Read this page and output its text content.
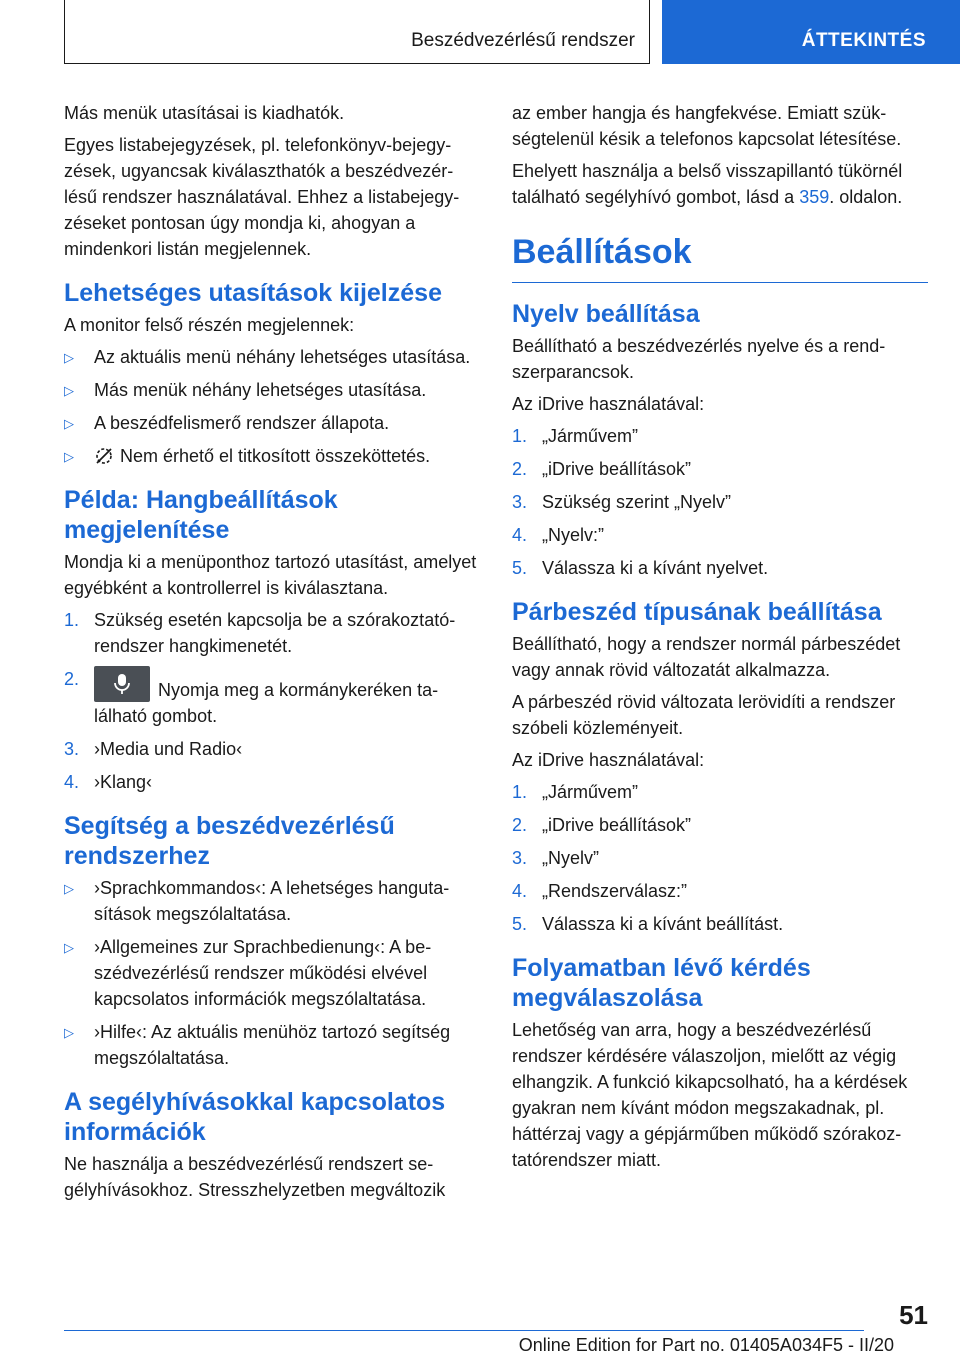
Beszédvezérlésű rendszer	ÁTTEKINTÉS

Más menük utasításai is kiadhatók.

Egyes listabejegyzések, pl. telefonkönyv-bejegyzések, ugyancsak kiválaszthatók a beszédvezérlésű rendszer használatával. Ehhez a listabejegyzéseket pontosan úgy mondja ki, ahogyan a mindenkori listán megjelennek.

Lehetséges utasítások kijelzése

A monitor felső részén megjelennek:

▷ Az aktuális menü néhány lehetséges utasítása.
▷ Más menük néhány lehetséges utasítása.
▷ A beszédfelismerő rendszer állapota.
▷	Nem érhető el titkosított összeköttetés.
Példa: Hangbeállítások megjelenítése

Mondja ki a menüponthoz tartozó utasítást, amelyet egyébként a kontrollerrel is kiválasztana.

1. Szükség esetén kapcsolja be a szórakoztatórendszer hangkimenetét.
2.
Nyomja meg a kormánykeréken található gombot.
3. ›Media und Radio‹
4. ›Klang‹
Segítség a beszédvezérlésű rendszerhez
▷ ›Sprachkommandos‹: A lehetséges hangutasítások megszólaltatása.
▷ ›Allgemeines zur Sprachbedienung‹: A beszédvezérlésű rendszer működési elvével kapcsolatos információk megszólaltatása.
▷ ›Hilfe‹: Az aktuális menühöz tartozó segítség megszólaltatása.
A segélyhívásokkal kapcsolatos információk

Ne használja a beszédvezérlésű rendszert segélyhívásokhoz. Stresszhelyzetben megváltozik

az ember hangja és hangfekvése. Emiatt szükségtelenül késik a telefonos kapcsolat létesítése.

Ehelyett használja a belső visszapillantó tükörnél található segélyhívó gombot, lásd a 359. oldalon.

Beállítások
Nyelv beállítása

Beállítható a beszédvezérlés nyelve és a rendszerparancsok.

Az iDrive használatával:

1. „Járművem”
2. „iDrive beállítások”
3. Szükség szerint „Nyelv”
4. „Nyelv:”
5. Válassza ki a kívánt nyelvet.
Párbeszéd típusának beállítása

Beállítható, hogy a rendszer normál párbeszédet vagy annak rövid változatát alkalmazza.

A párbeszéd rövid változata lerövidíti a rendszer szóbeli közleményeit.

Az iDrive használatával:

1. „Járművem”
2. „iDrive beállítások”
3. „Nyelv”
4. „Rendszerválasz:”
5. Válassza ki a kívánt beállítást.
Folyamatban lévő kérdés megválaszolása

Lehetőség van arra, hogy a beszédvezérlésű rendszer kérdésére válaszoljon, mielőtt az végig elhangzik. A funkció kikapcsolható, ha a kérdések gyakran nem kívánt módon megszakadnak, pl. háttérzaj vagy a gépjárműben működő szórakoztatórendszer miatt.

51
Online Edition for Part no. 01405A034F5 - II/20
